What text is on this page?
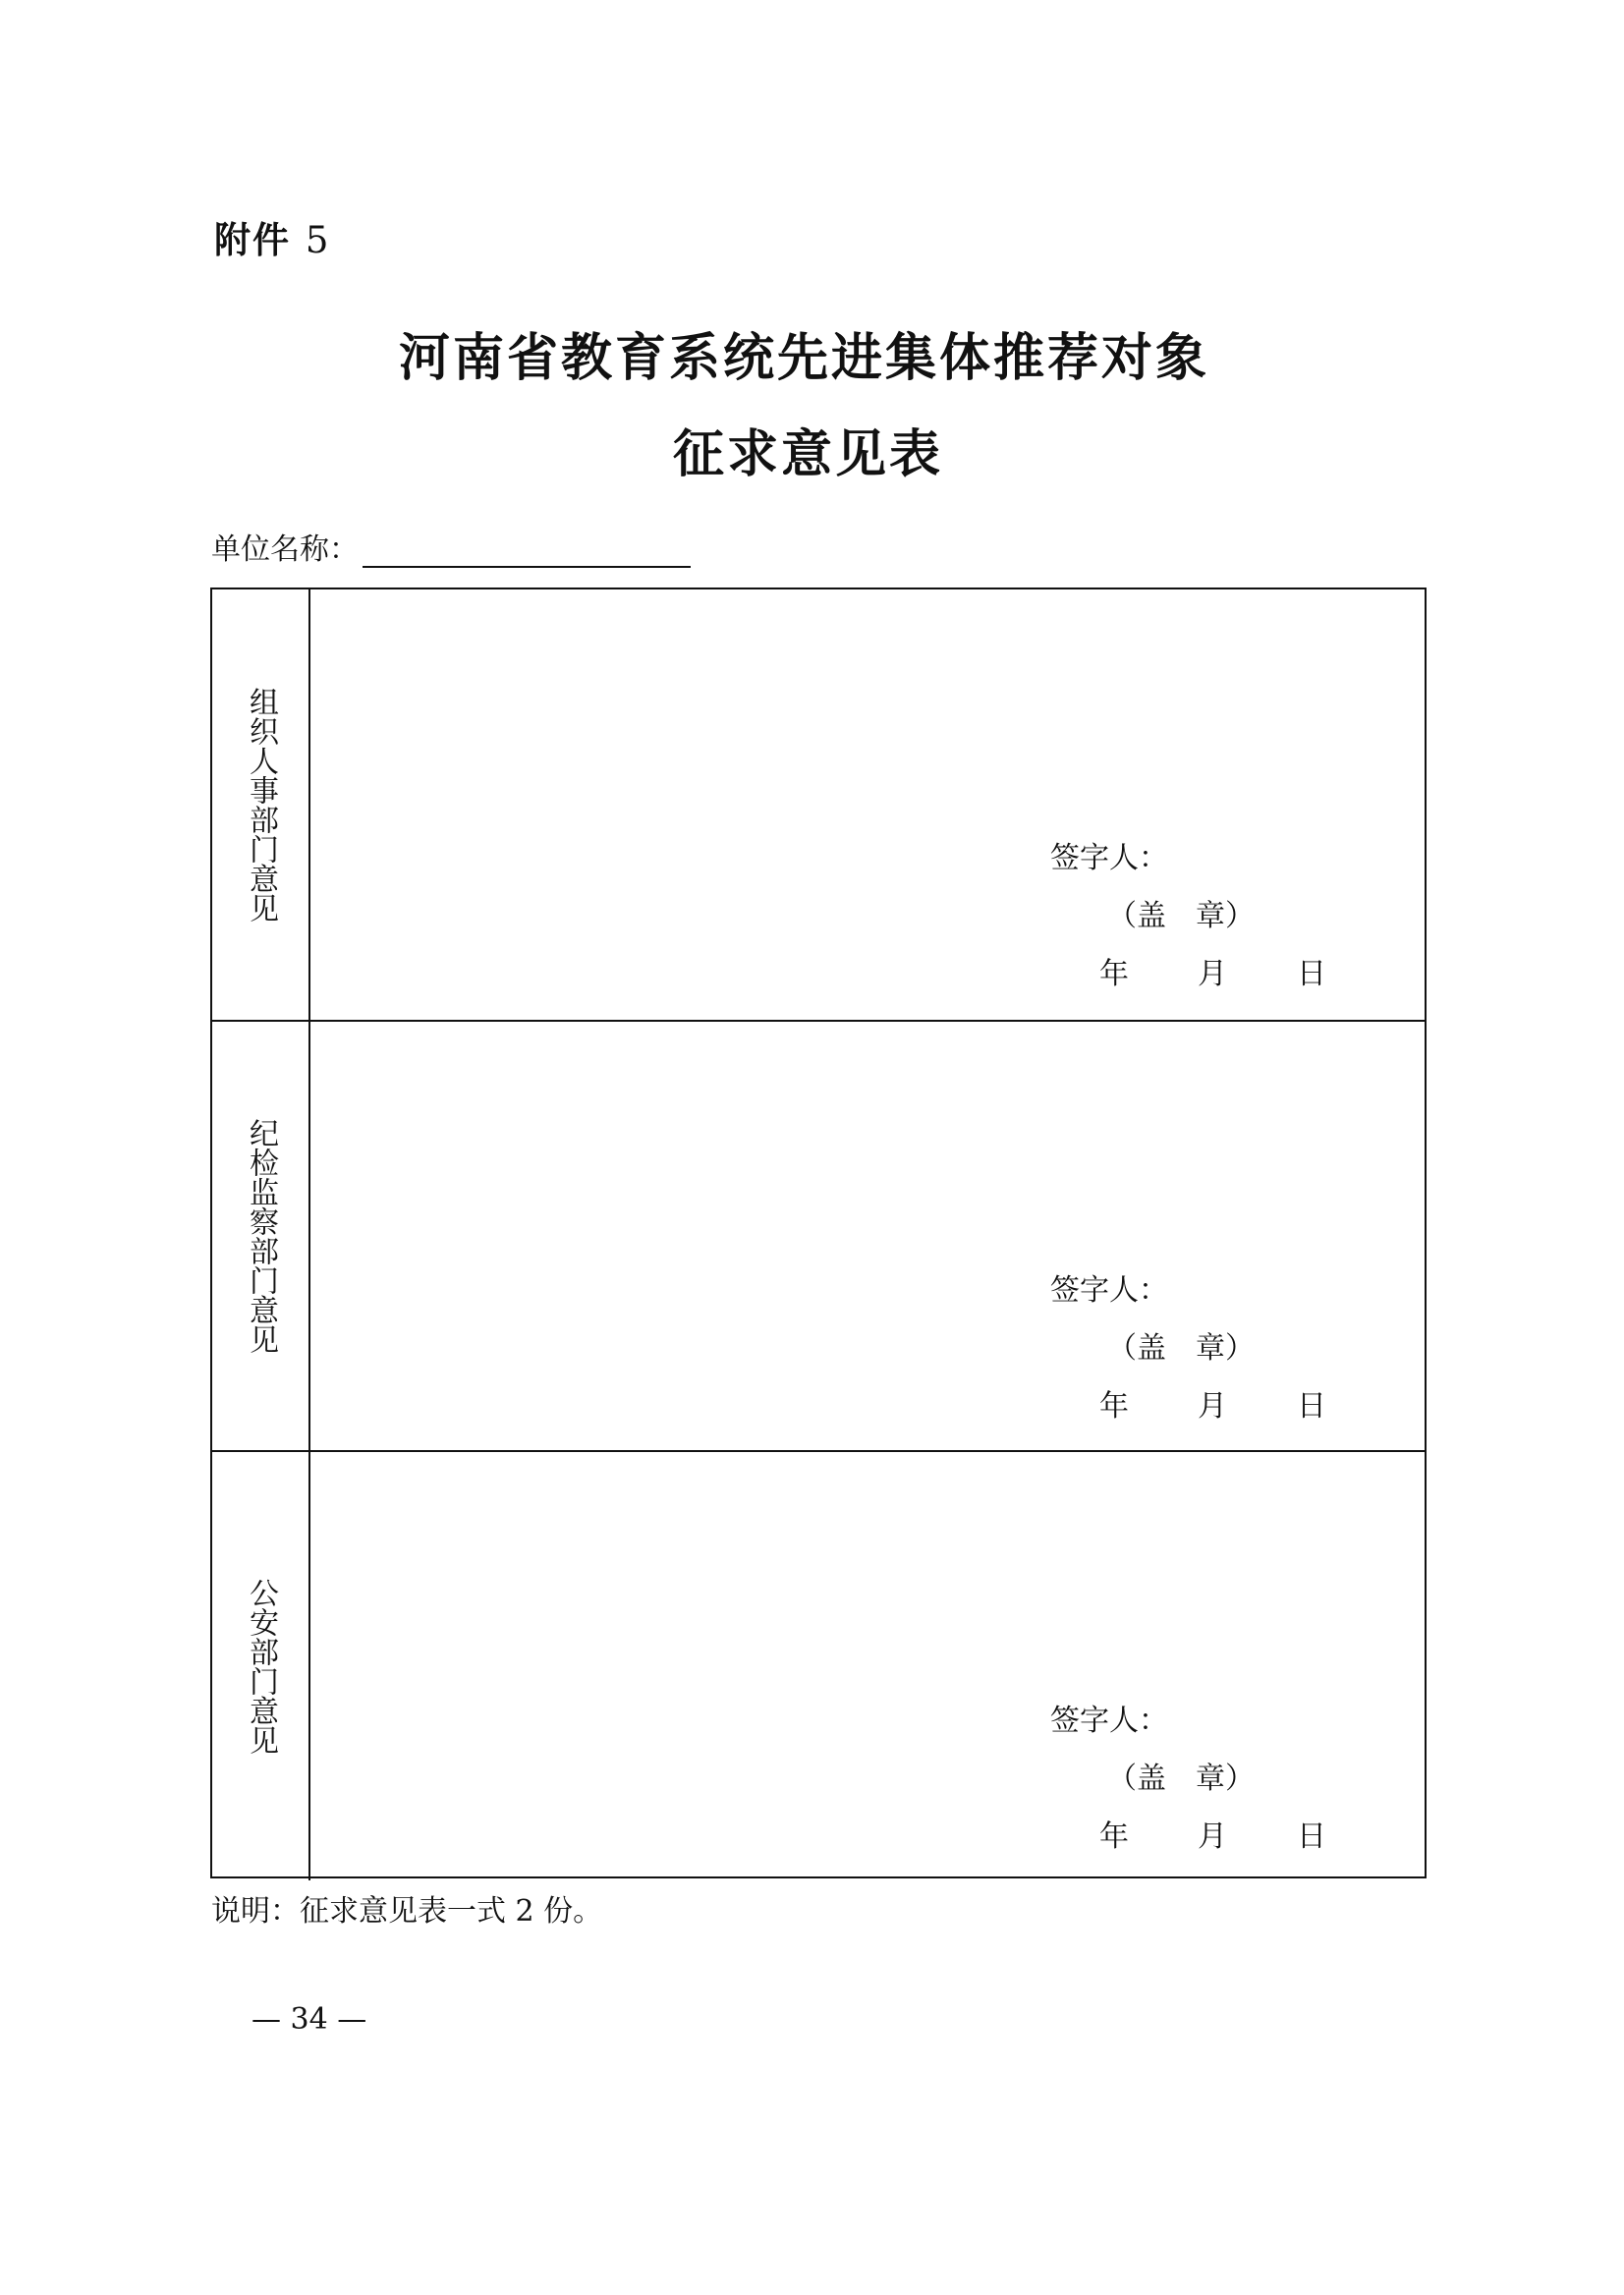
附件 5
河南省教育系统先进集体推荐对象
征求意见表
单位名称：
组织人事部门意见	签字人：
（盖　章）
年 月 日
纪检监察部门意见	签字人：
（盖　章）
年 月 日
公安部门意见	签字人：
（盖　章）
年 月 日
说明：征求意见表一式 2 份。
— 34 —
